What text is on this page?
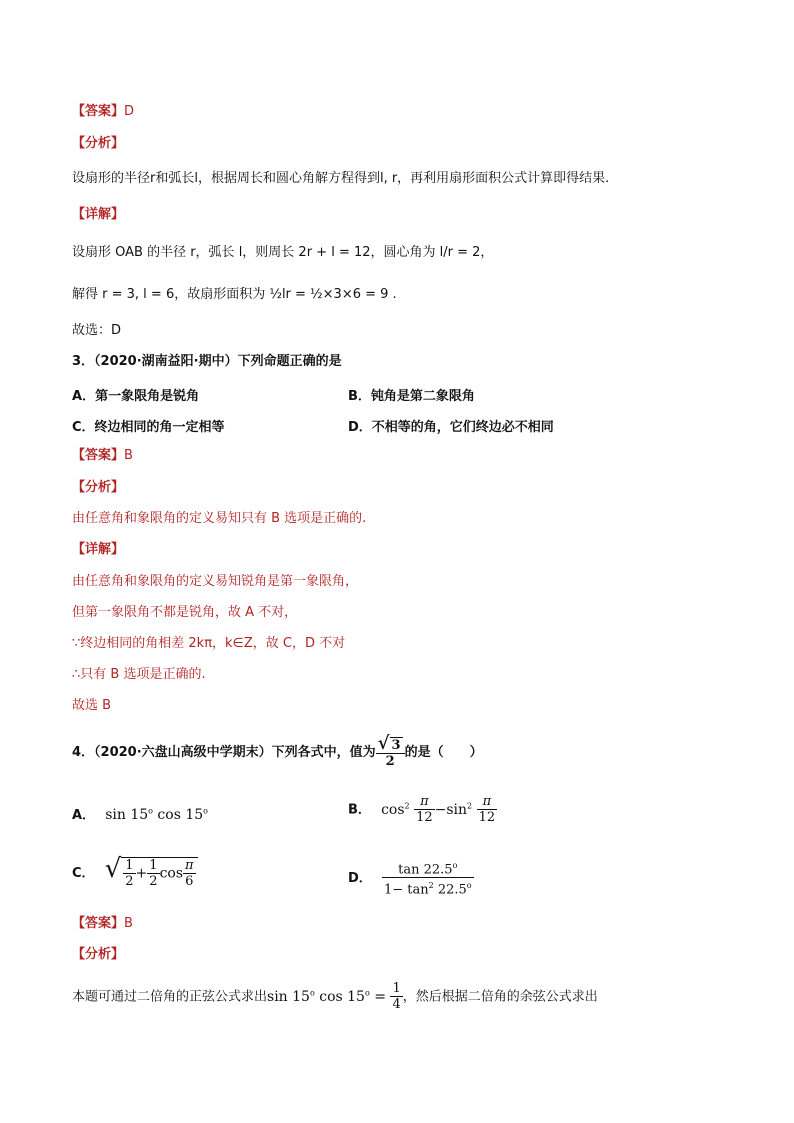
【答案】D
【分析】
设扇形的半径r和弧长l，根据周长和圆心角解方程得到l, r，再利用扇形面积公式计算即得结果.
【详解】
设扇形 OAB 的半径 r，弧长 l，则周长 2r + l = 12，圆心角为 l/r = 2，
解得 r = 3, l = 6，故扇形面积为 ½lr = ½×3×6 = 9 .
故选：D
3．（2020·湖南益阳·期中）下列命题正确的是
A．第一象限角是锐角	B．钝角是第二象限角
C．终边相同的角一定相等	D．不相等的角，它们终边必不相同
【答案】B
【分析】
由任意角和象限角的定义易知只有 B 选项是正确的.
【详解】
由任意角和象限角的定义易知锐角是第一象限角，
但第一象限角不都是锐角，故 A 不对，
∵终边相同的角相差 2kπ，k∈Z，故 C，D 不对
∴只有 B 选项是正确的.
故选 B
4．（2020·六盘山高级中学期末）下列各式中，值为 $\frac{√ 3}{2}$ 的是（　　）
A． sin 15$^o$ cos 15$^o$	B． $\cos^2 \frac{\pi}{12} -\sin^2 \frac{\pi}{12}$
C． √ $\frac{1}{2} + \frac{1}{2}$ $\cos \frac{\pi}{6}$	D． $\frac{\tan 22.5^o}{1- \tan^2 22.5^o}$
【答案】B
【分析】
本题可通过二倍角的正弦公式求出sin 15$^o$ $\cos 15^o = \frac{1}{4}$ ，然后根据二倍角的余弦公式求出
